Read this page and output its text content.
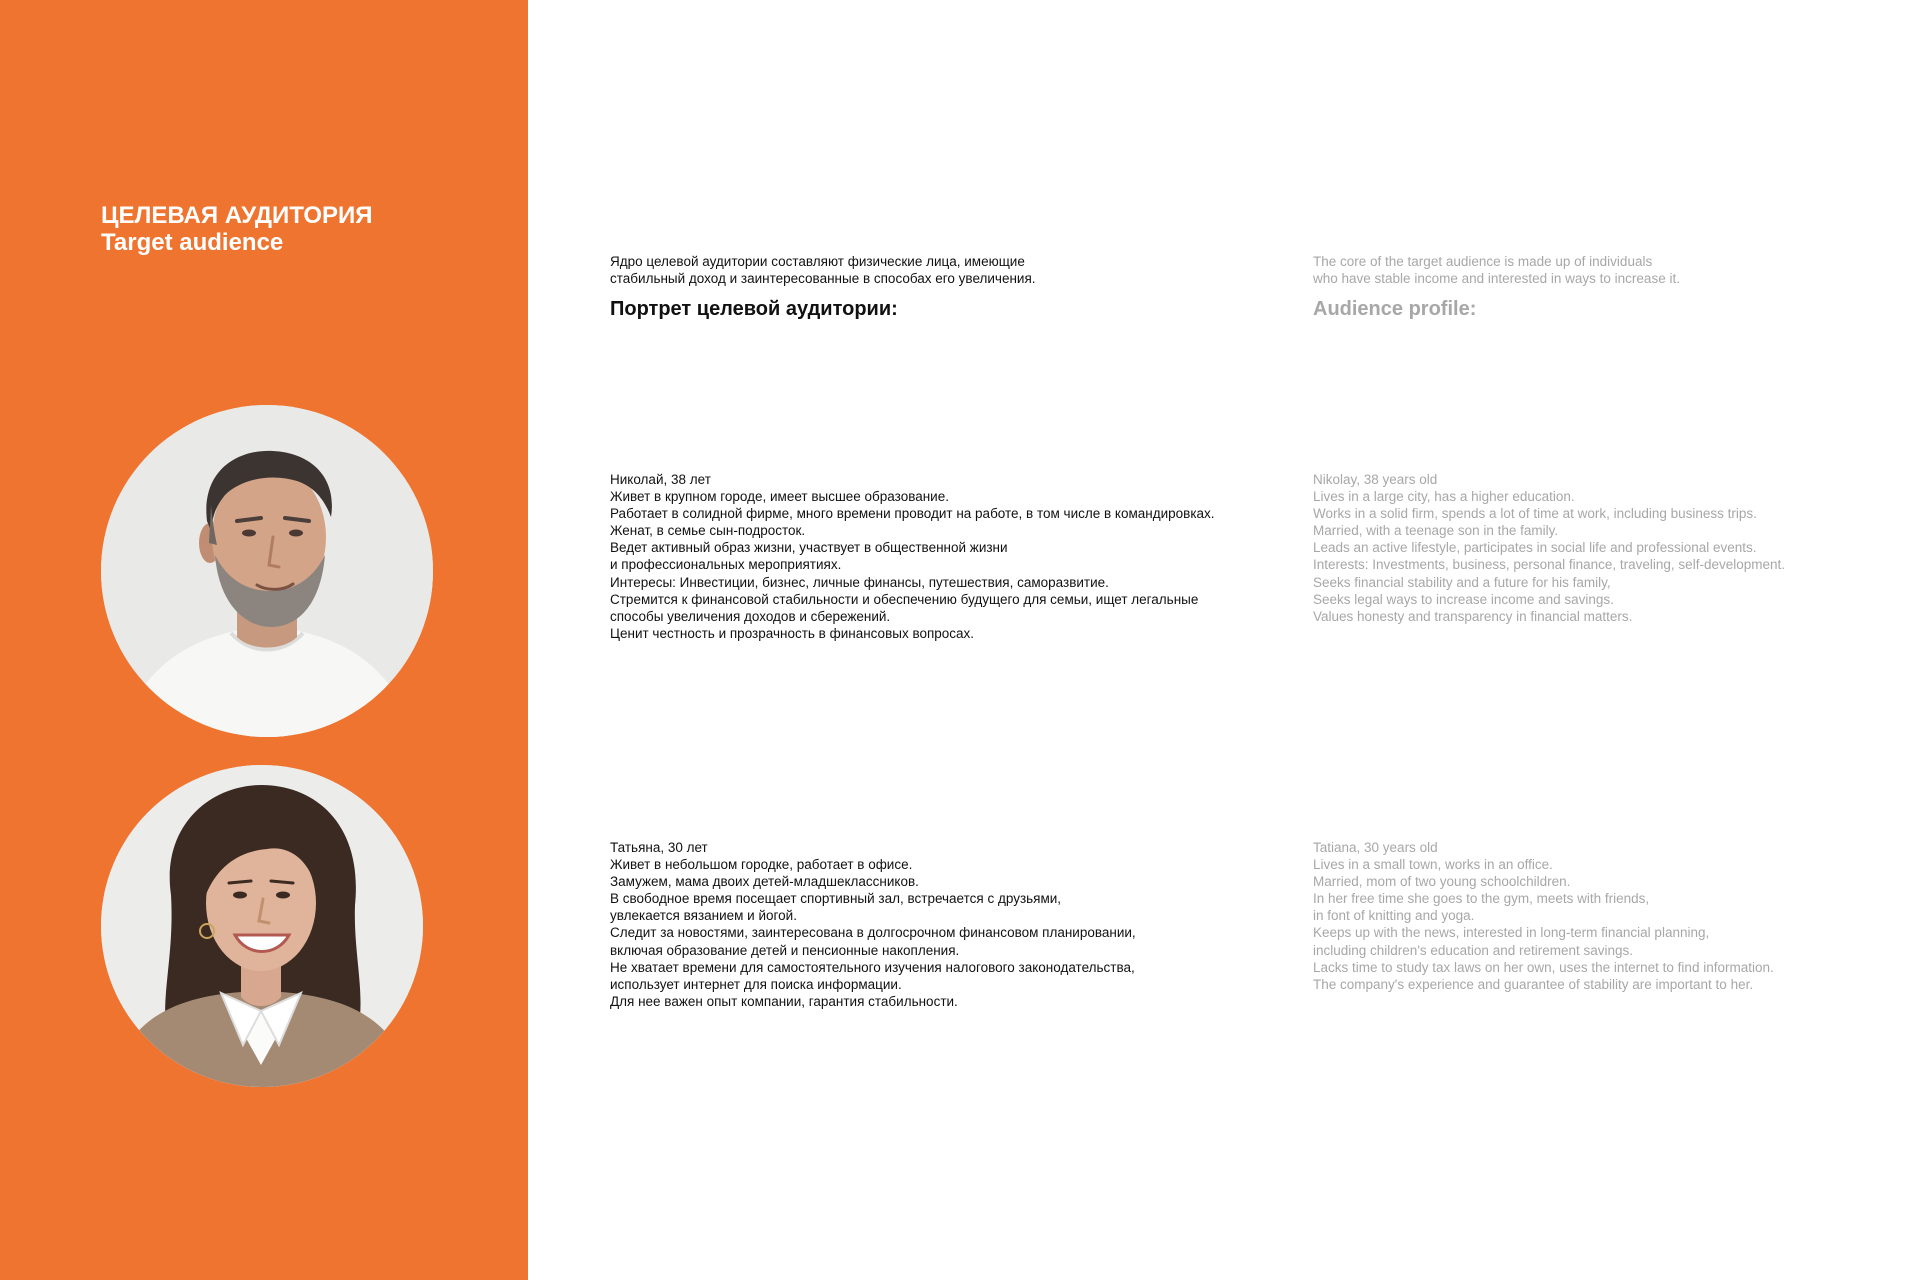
ЦЕЛЕВАЯ АУДИТОРИЯ
Target audience
Ядро целевой аудитории составляют физические лица, имеющие
стабильный доход и заинтересованные в способах его увеличения.
Портрет целевой аудитории:
Николай, 38 лет
Живет в крупном городе, имеет высшее образование.
Работает в солидной фирме, много времени проводит на работе, в том числе в командировках.
Женат, в семье сын-подросток.
Ведет активный образ жизни, участвует в общественной жизни
и профессиональных мероприятиях.
Интересы: Инвестиции, бизнес, личные финансы, путешествия, саморазвитие.
Стремится к финансовой стабильности и обеспечению будущего для семьи, ищет легальные
способы увеличения доходов и сбережений.
Ценит честность и прозрачность в финансовых вопросах.
Татьяна, 30 лет
Живет в небольшом городке, работает в офисе.
Замужем, мама двоих детей-младшеклассников.
В свободное время посещает спортивный зал, встречается с друзьями,
увлекается вязанием и йогой.
Следит за новостями, заинтересована в долгосрочном финансовом планировании,
включая образование детей и пенсионные накопления.
Не хватает времени для самостоятельного изучения налогового законодательства,
использует интернет для поиска информации.
Для нее важен опыт компании, гарантия стабильности.
The core of the target audience is made up of individuals
who have stable income and interested in ways to increase it.
Audience profile:
Nikolay, 38 years old
Lives in a large city, has a higher education.
Works in a solid firm, spends a lot of time at work, including business trips.
Married, with a teenage son in the family.
Leads an active lifestyle, participates in social life and professional events.
Interests: Investments, business, personal finance, traveling, self-development.
Seeks financial stability and a future for his family,
Seeks legal ways to increase income and savings.
Values honesty and transparency in financial matters.
Tatiana, 30 years old
Lives in a small town, works in an office.
Married, mom of two young schoolchildren.
In her free time she goes to the gym, meets with friends,
in font of knitting and yoga.
Keeps up with the news, interested in long-term financial planning,
including children's education and retirement savings.
Lacks time to study tax laws on her own, uses the internet to find information.
The company's experience and guarantee of stability are important to her.
